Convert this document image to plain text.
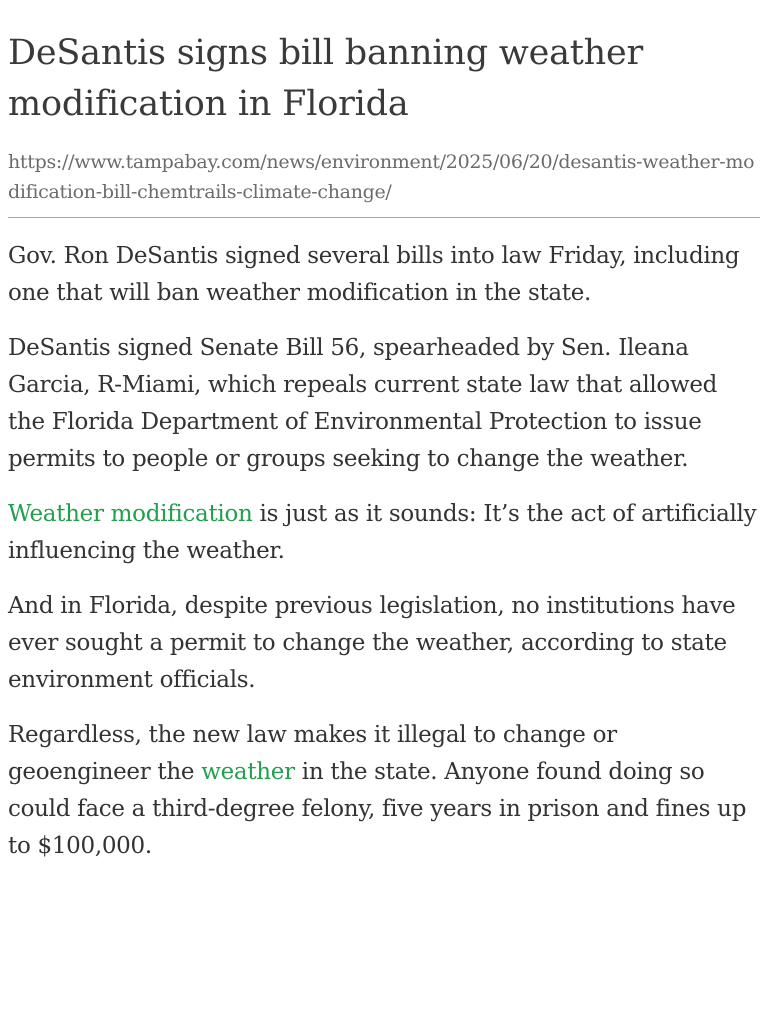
DeSantis signs bill banning weather modification in Florida

https://www.tampabay.com/news/environment/2025/06/20/desantis-weather-modification-bill-chemtrails-climate-change/

Gov. Ron DeSantis signed several bills into law Friday, including one that will ban weather modification in the state.

DeSantis signed Senate Bill 56, spearheaded by Sen. Ileana Garcia, R-Miami, which repeals current state law that allowed the Florida Department of Environmental Protection to issue permits to people or groups seeking to change the weather.

Weather modification is just as it sounds: It’s the act of artificially influencing the weather.

And in Florida, despite previous legislation, no institutions have ever sought a permit to change the weather, according to state environment officials.

Regardless, the new law makes it illegal to change or geoengineer the weather in the state. Anyone found doing so could face a third-degree felony, five years in prison and fines up to $100,000.
